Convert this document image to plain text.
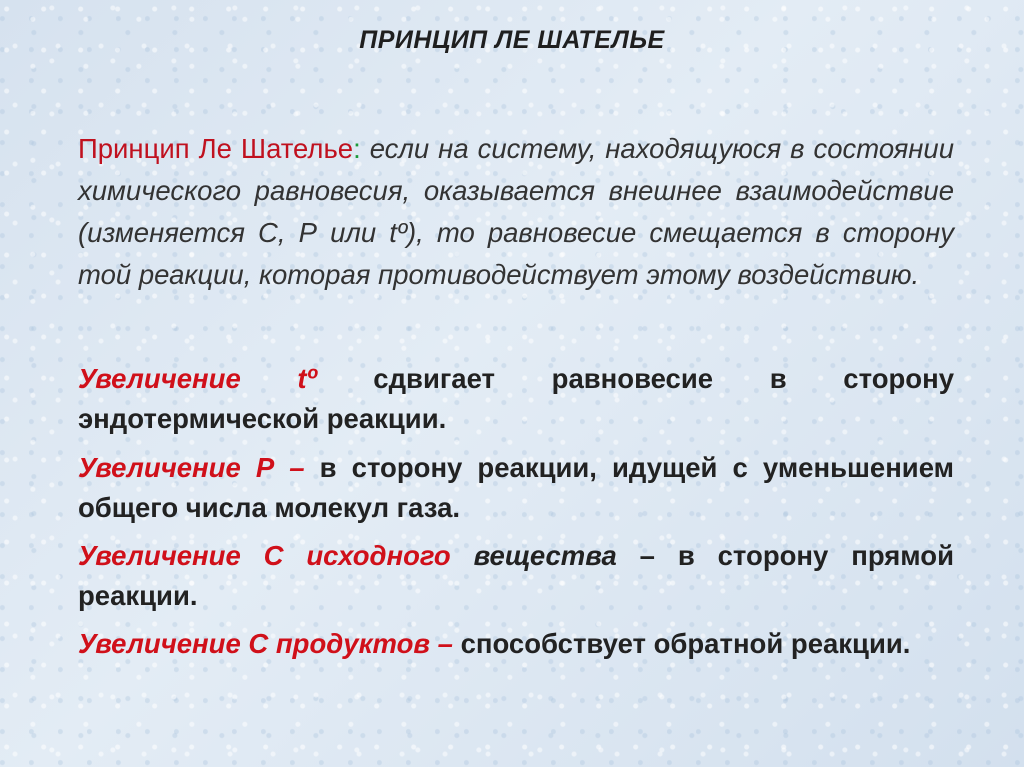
ПРИНЦИП ЛЕ ШАТЕЛЬЕ

Принцип Ле Шателье: если на систему, находящуюся в состоянии химического равновесия, оказывается внешнее взаимодействие (изменяется С, Р или tº), то равновесие смещается в сторону той реакции, которая противодействует этому воздействию.

Увеличение tº сдвигает равновесие в сторону эндотермической реакции.

Увеличение Р – в сторону реакции, идущей с уменьшением общего числа молекул газа.

Увеличение С исходного вещества – в сторону прямой реакции.

Увеличение С продуктов – способствует обратной реакции.
